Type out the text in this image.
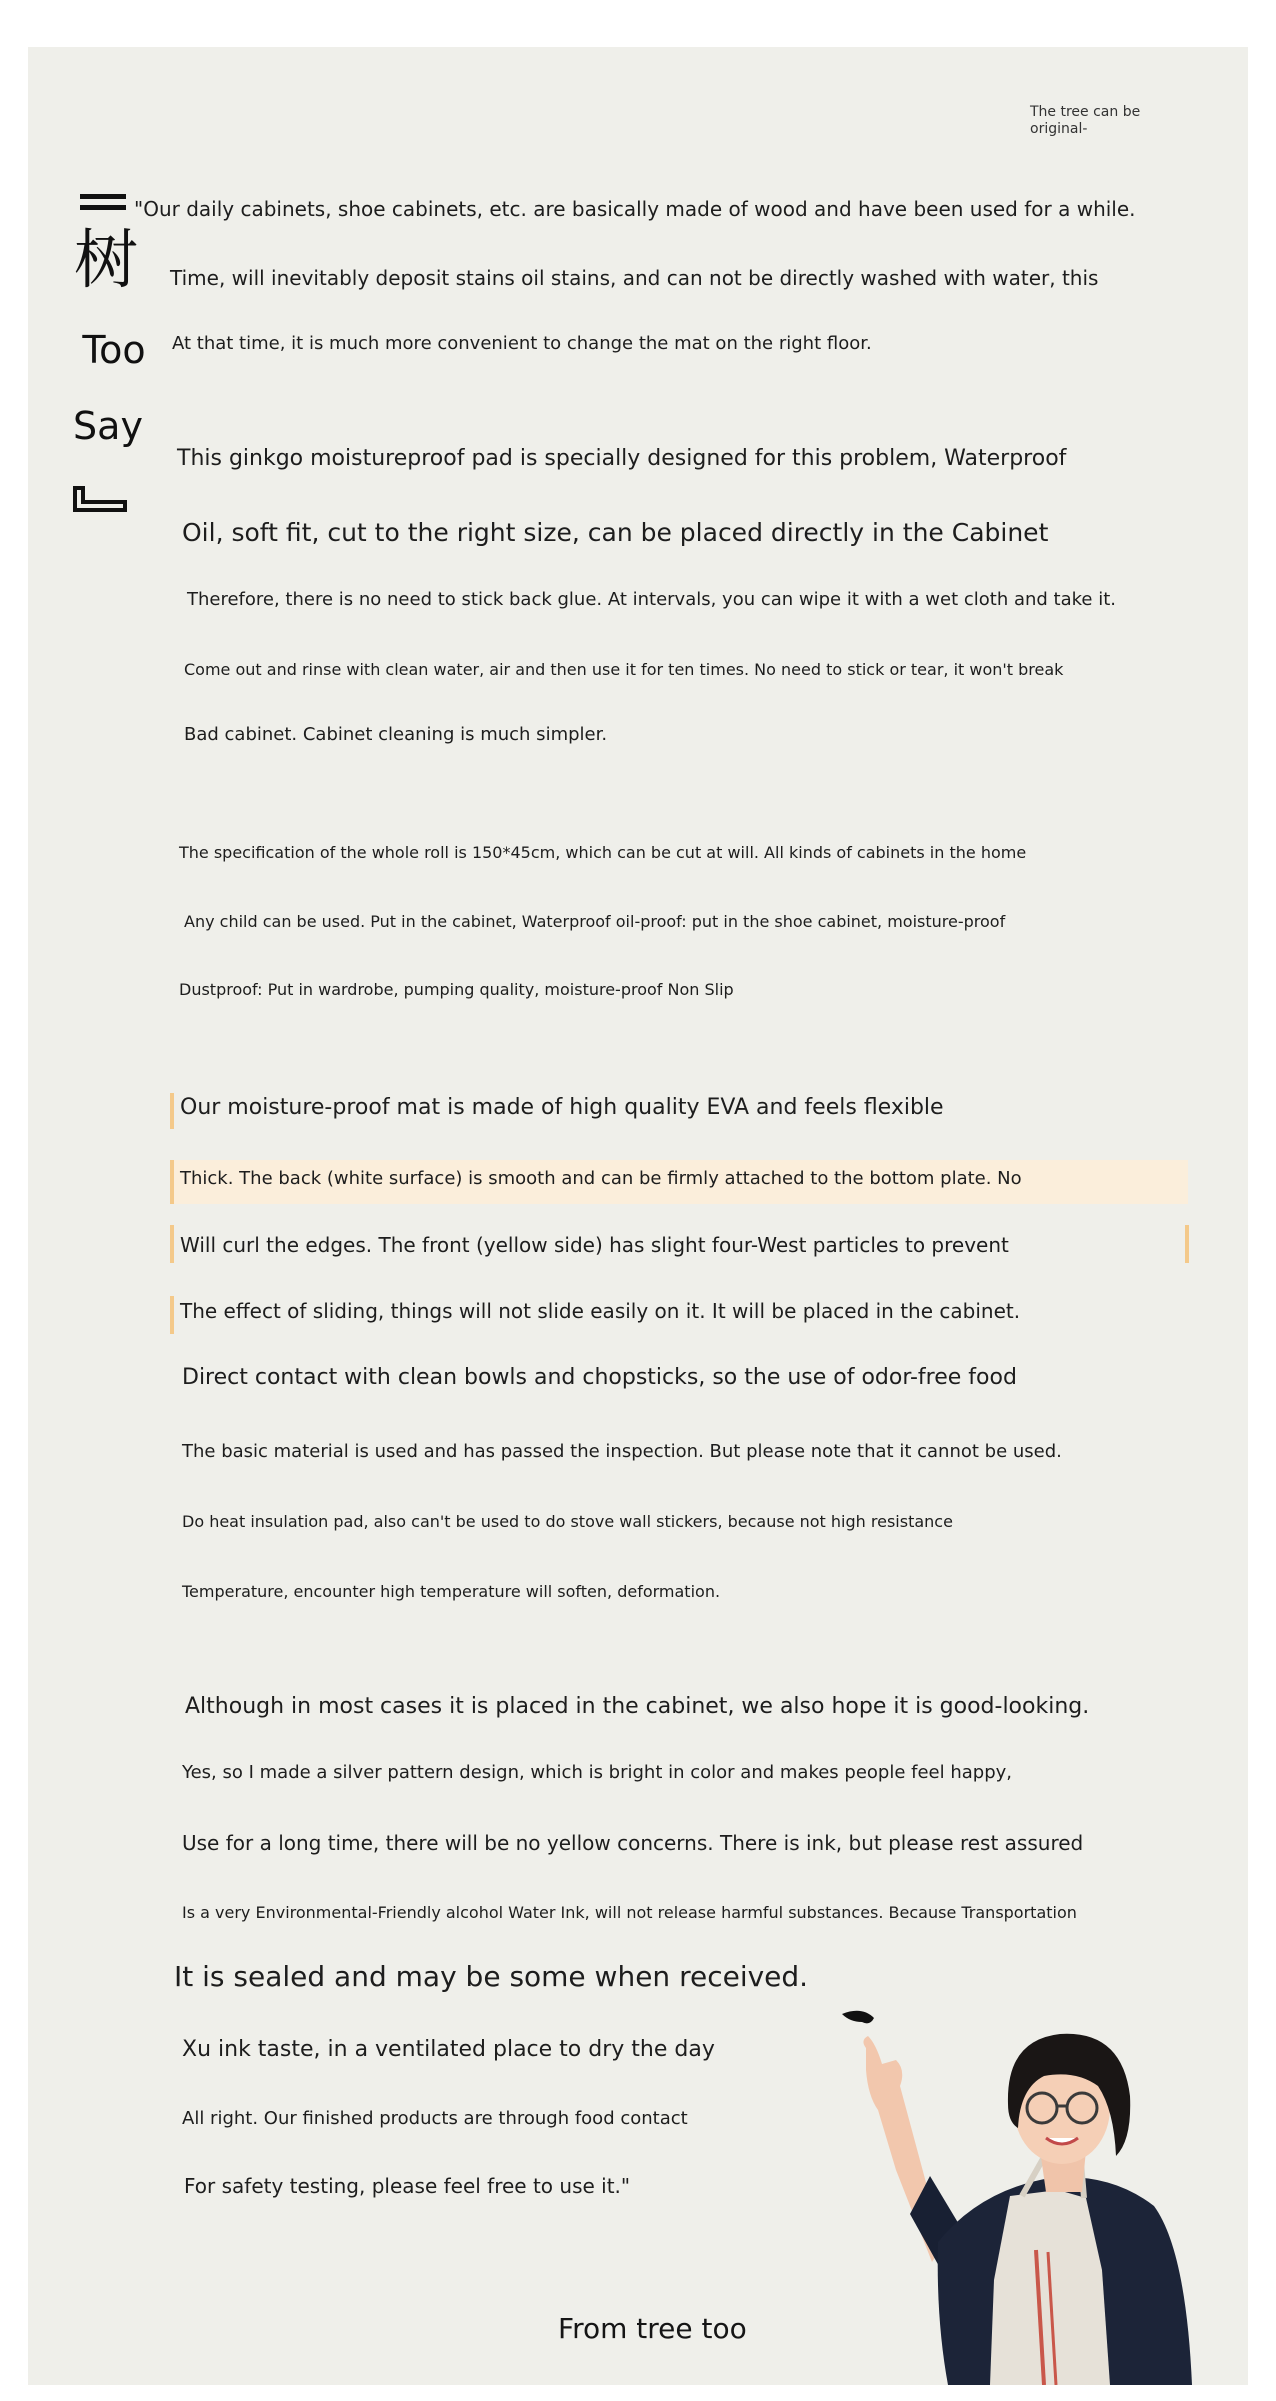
The tree can be original-
树
Too
Say
"Our daily cabinets, shoe cabinets, etc. are basically made of wood and have been used for a while.
Time, will inevitably deposit stains oil stains, and can not be directly washed with water, this
At that time, it is much more convenient to change the mat on the right floor.
This ginkgo moistureproof pad is specially designed for this problem, Waterproof
Oil, soft fit, cut to the right size, can be placed directly in the Cabinet
Therefore, there is no need to stick back glue. At intervals, you can wipe it with a wet cloth and take it.
Come out and rinse with clean water, air and then use it for ten times. No need to stick or tear, it won't break
Bad cabinet. Cabinet cleaning is much simpler.
The specification of the whole roll is 150*45cm, which can be cut at will. All kinds of cabinets in the home
Any child can be used. Put in the cabinet, Waterproof oil-proof: put in the shoe cabinet, moisture-proof
Dustproof: Put in wardrobe, pumping quality, moisture-proof Non Slip
Our moisture-proof mat is made of high quality EVA and feels flexible
Thick. The back (white surface) is smooth and can be firmly attached to the bottom plate. No
Will curl the edges. The front (yellow side) has slight four-West particles to prevent
The effect of sliding, things will not slide easily on it. It will be placed in the cabinet.
Direct contact with clean bowls and chopsticks, so the use of odor-free food
The basic material is used and has passed the inspection. But please note that it cannot be used.
Do heat insulation pad, also can't be used to do stove wall stickers, because not high resistance
Temperature, encounter high temperature will soften, deformation.
Although in most cases it is placed in the cabinet, we also hope it is good-looking.
Yes, so I made a silver pattern design, which is bright in color and makes people feel happy,
Use for a long time, there will be no yellow concerns. There is ink, but please rest assured
Is a very Environmental-Friendly alcohol Water Ink, will not release harmful substances. Because Transportation
It is sealed and may be some when received.
Xu ink taste, in a ventilated place to dry the day
All right. Our finished products are through food contact
For safety testing, please feel free to use it."
From tree too
